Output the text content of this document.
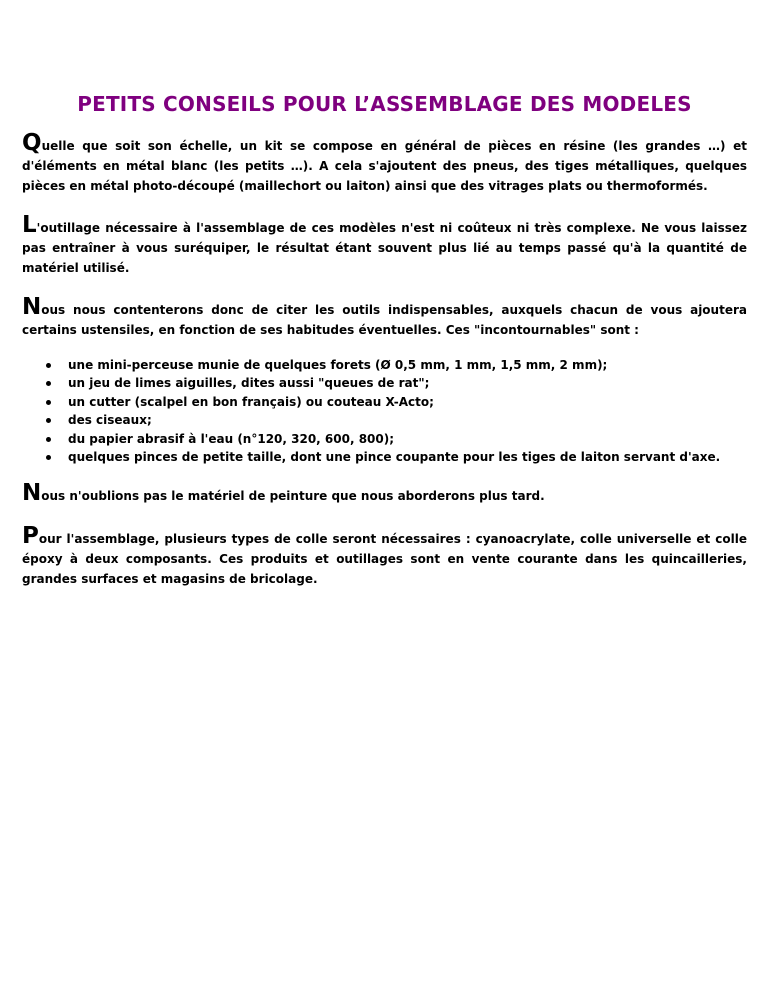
PETITS CONSEILS POUR L’ASSEMBLAGE DES MODELES

Quelle que soit son échelle, un kit se compose en général de pièces en résine (les grandes …) et d'éléments en métal blanc (les petits …). A cela s'ajoutent des pneus, des tiges métalliques, quelques pièces en métal photo-découpé (maillechort ou laiton) ainsi que des vitrages plats ou thermoformés.

L'outillage nécessaire à l'assemblage de ces modèles n'est ni coûteux ni très complexe. Ne vous laissez pas entraîner à vous suréquiper, le résultat étant souvent plus lié au temps passé qu'à la quantité de matériel utilisé.

Nous nous contenterons donc de citer les outils indispensables, auxquels chacun de vous ajoutera certains ustensiles, en fonction de ses habitudes éventuelles. Ces "incontournables" sont :

une mini-perceuse munie de quelques forets (Ø 0,5 mm, 1 mm, 1,5 mm, 2 mm);
un jeu de limes aiguilles, dites aussi "queues de rat";
un cutter (scalpel en bon français) ou couteau X-Acto;
des ciseaux;
du papier abrasif à l'eau (n°120, 320, 600, 800);
quelques pinces de petite taille, dont une pince coupante pour les tiges de laiton servant d'axe.

Nous n'oublions pas le matériel de peinture que nous aborderons plus tard.

Pour l'assemblage, plusieurs types de colle seront nécessaires : cyanoacrylate, colle universelle et colle époxy à deux composants. Ces produits et outillages sont en vente courante dans les quincailleries, grandes surfaces et magasins de bricolage.
